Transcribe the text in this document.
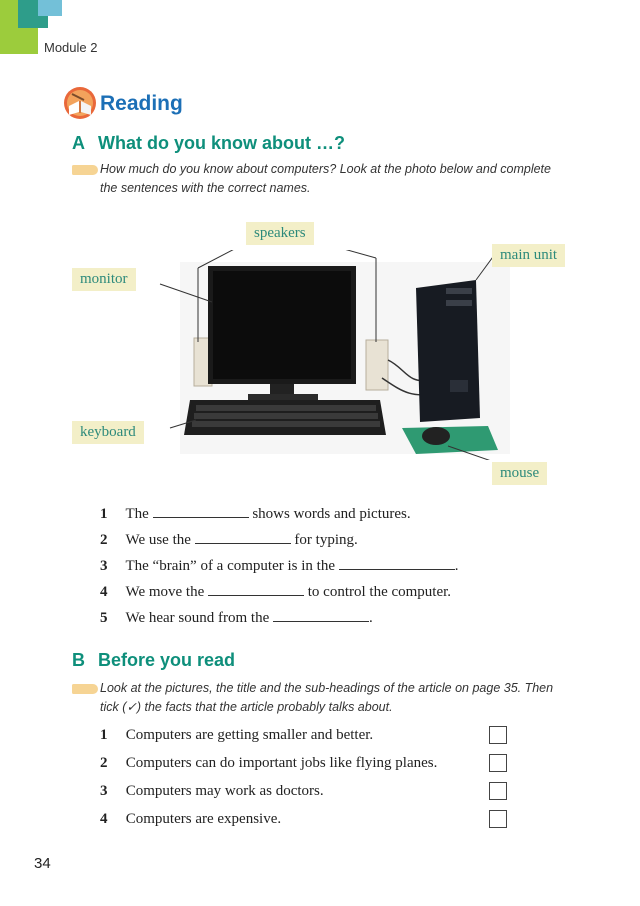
Module 2
Reading
A What do you know about …?
How much do you know about computers? Look at the photo below and complete
the sentences with the correct names.
speakers
main unit
monitor
keyboard
mouse
1 The	shows words and pictures.
2 We use the	for typing.
3 The “brain” of a computer is in the	.
4 We move the	to control the computer.
5 We hear sound from the	.
B Before you read
Look at the pictures, the title and the sub-headings of the article on page 35. Then
tick (✓) the facts that the article probably talks about.
1 Computers are getting smaller and better.
2 Computers can do important jobs like flying planes.
3 Computers may work as doctors.
4 Computers are expensive.
34
